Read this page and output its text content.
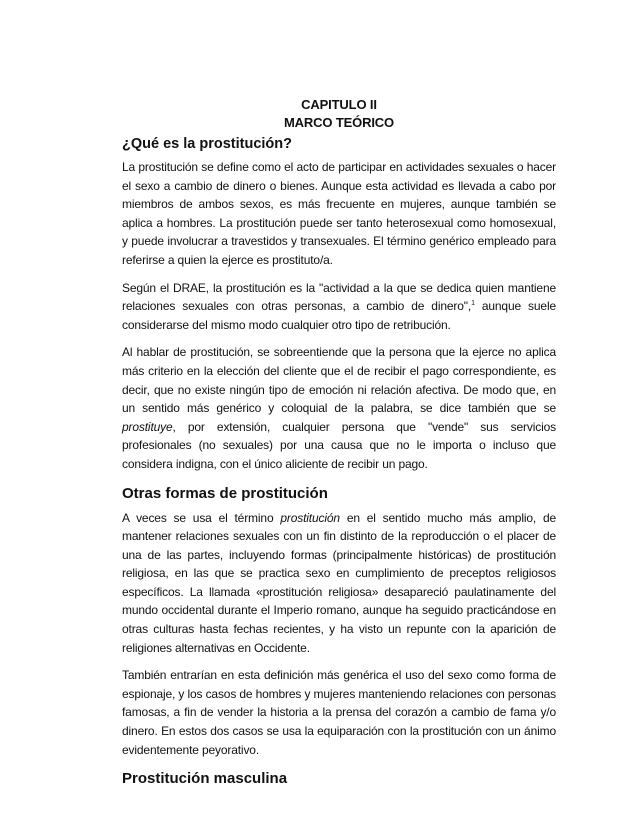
CAPITULO II

MARCO TEÓRICO

¿Qué es la prostitución?

La prostitución se define como el acto de participar en actividades sexuales o hacer el sexo a cambio de dinero o bienes. Aunque esta actividad es llevada a cabo por miembros de ambos sexos, es más frecuente en mujeres, aunque también se aplica a hombres. La prostitución puede ser tanto heterosexual como homosexual, y puede involucrar a travestidos y transexuales. El término genérico empleado para referirse a quien la ejerce es prostituto/a.

Según el DRAE, la prostitución es la "actividad a la que se dedica quien mantiene relaciones sexuales con otras personas, a cambio de dinero",$^1$ aunque suele considerarse del mismo modo cualquier otro tipo de retribución.

Al hablar de prostitución, se sobreentiende que la persona que la ejerce no aplica más criterio en la elección del cliente que el de recibir el pago correspondiente, es decir, que no existe ningún tipo de emoción ni relación afectiva. De modo que, en un sentido más genérico y coloquial de la palabra, se dice también que se prostituye, por extensión, cualquier persona que "vende" sus servicios profesionales (no sexuales) por una causa que no le importa o incluso que considera indigna, con el único aliciente de recibir un pago.

Otras formas de prostitución

A veces se usa el término prostitución en el sentido mucho más amplio, de mantener relaciones sexuales con un fin distinto de la reproducción o el placer de una de las partes, incluyendo formas (principalmente históricas) de prostitución religiosa, en las que se practica sexo en cumplimiento de preceptos religiosos específicos. La llamada «prostitución religiosa» desapareció paulatinamente del mundo occidental durante el Imperio romano, aunque ha seguido practicándose en otras culturas hasta fechas recientes, y ha visto un repunte con la aparición de religiones alternativas en Occidente.

También entrarían en esta definición más genérica el uso del sexo como forma de espionaje, y los casos de hombres y mujeres manteniendo relaciones con personas famosas, a fin de vender la historia a la prensa del corazón a cambio de fama y/o dinero. En estos dos casos se usa la equiparación con la prostitución con un ánimo evidentemente peyorativo.

Prostitución masculina
